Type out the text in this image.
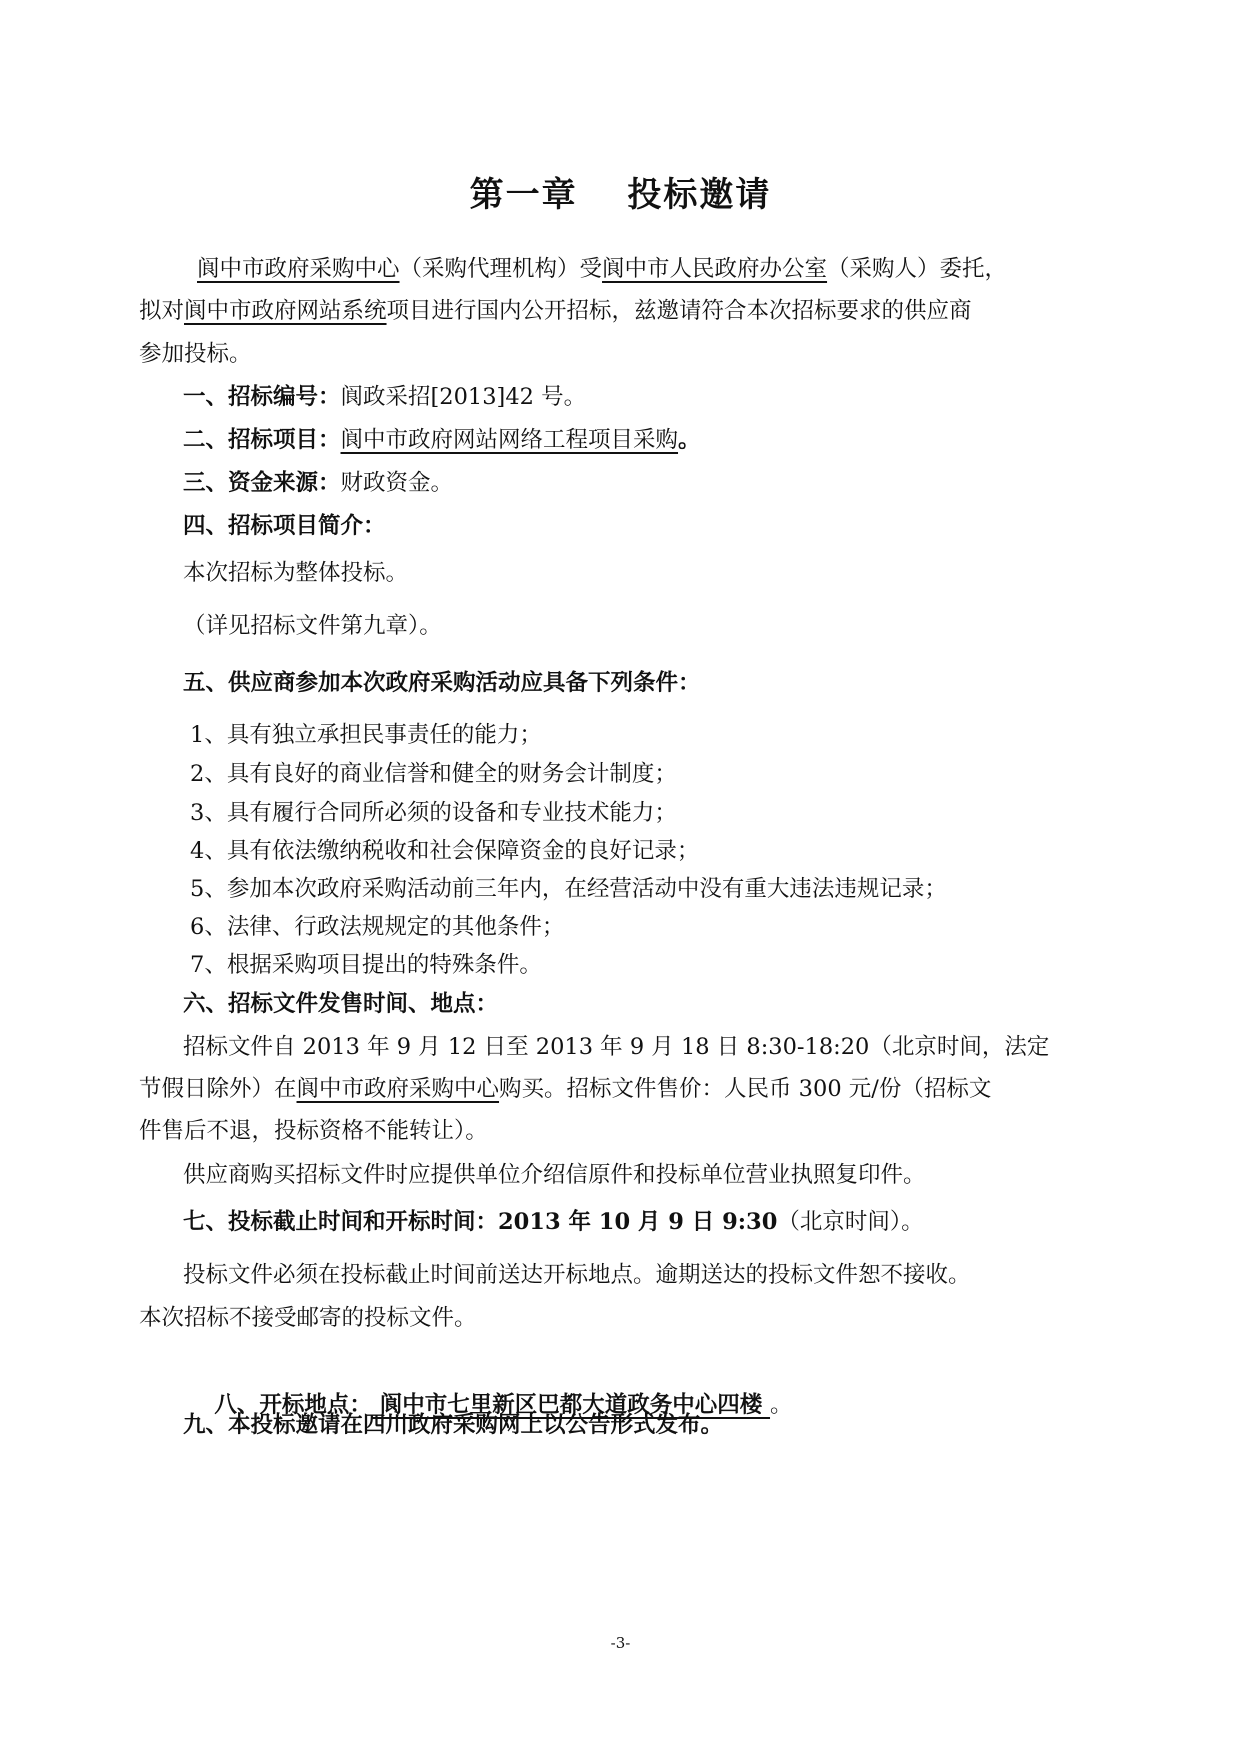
第一章　 投标邀请
阆中市政府采购中心（采购代理机构）受阆中市人民政府办公室（采购人）委托，
拟对阆中市政府网站系统项目进行国内公开招标，兹邀请符合本次招标要求的供应商
参加投标。
一、招标编号：阆政采招[2013]42 号。
二、招标项目：阆中市政府网站网络工程项目采购。
三、资金来源：财政资金。
四、招标项目简介：
本次招标为整体投标。
（详见招标文件第九章）。
五、供应商参加本次政府采购活动应具备下列条件：
1、具有独立承担民事责任的能力；
2、具有良好的商业信誉和健全的财务会计制度；
3、具有履行合同所必须的设备和专业技术能力；
4、具有依法缴纳税收和社会保障资金的良好记录；
5、参加本次政府采购活动前三年内，在经营活动中没有重大违法违规记录；
6、法律、行政法规规定的其他条件；
7、根据采购项目提出的特殊条件。
六、招标文件发售时间、地点：
招标文件自 2013 年 9 月 12 日至 2013 年 9 月 18 日 8:30-18:20（北京时间，法定
节假日除外）在阆中市政府采购中心购买。招标文件售价：人民币 300 元/份（招标文
件售后不退，投标资格不能转让）。
供应商购买招标文件时应提供单位介绍信原件和投标单位营业执照复印件。
七、投标截止时间和开标时间：2013 年 10 月 9 日 9:30（北京时间）。
投标文件必须在投标截止时间前送达开标地点。逾期送达的投标文件恕不接收。
本次招标不接受邮寄的投标文件。

八、开标地点： 阆中市七里新区巴都大道政务中心四楼 。

九、本投标邀请在四川政府采购网上以公告形式发布。
-3-
